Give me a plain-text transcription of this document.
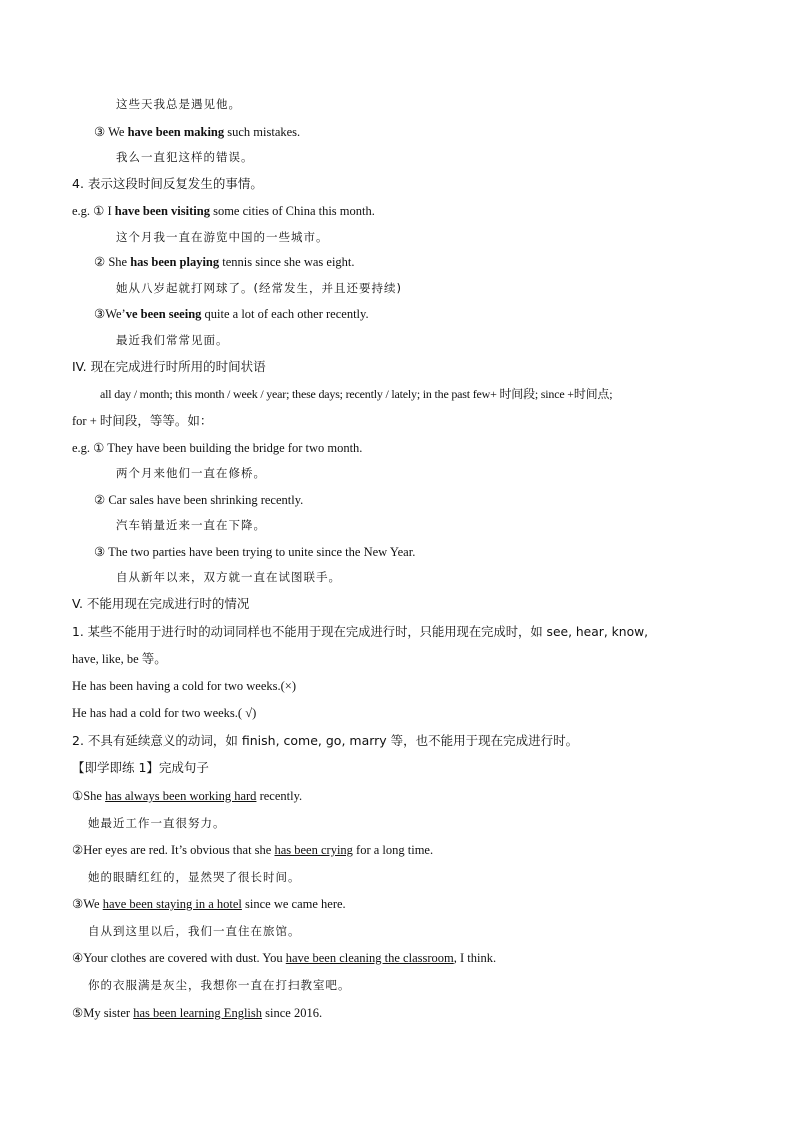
这些天我总是遇见他。
③ We have been making such mistakes.
我么一直犯这样的错误。
4. 表示这段时间反复发生的事情。
e.g. ① I have been visiting some cities of China this month.
这个月我一直在游览中国的一些城市。
② She has been playing tennis since she was eight.
她从八岁起就打网球了。(经常发生，并且还要持续)
③We’ve been seeing quite a lot of each other recently.
最近我们常常见面。
IV. 现在完成进行时所用的时间状语
all day / month; this month / week / year; these days; recently / lately; in the past few+ 时间段; since +时间点;
for + 时间段，等等。如：
e.g. ① They have been building the bridge for two month.
两个月来他们一直在修桥。
② Car sales have been shrinking recently.
汽车销量近来一直在下降。
③ The two parties have been trying to unite since the New Year.
自从新年以来，双方就一直在试图联手。
V. 不能用现在完成进行时的情况
1. 某些不能用于进行时的动词同样也不能用于现在完成进行时，只能用现在完成时，如 see, hear, know,
have, like, be 等。
He has been having a cold for two weeks.(×)
He has had a cold for two weeks.( √)
2. 不具有延续意义的动词，如 finish, come, go, marry 等，也不能用于现在完成进行时。
【即学即练 1】完成句子
①She has always been working hard recently.
她最近工作一直很努力。
②Her eyes are red. It’s obvious that she has been crying for a long time.
她的眼睛红红的，显然哭了很长时间。
③We have been staying in a hotel since we came here.
自从到这里以后，我们一直住在旅馆。
④Your clothes are covered with dust. You have been cleaning the classroom, I think.
你的衣服满是灰尘，我想你一直在打扫教室吧。
⑤My sister has been learning English since 2016.
